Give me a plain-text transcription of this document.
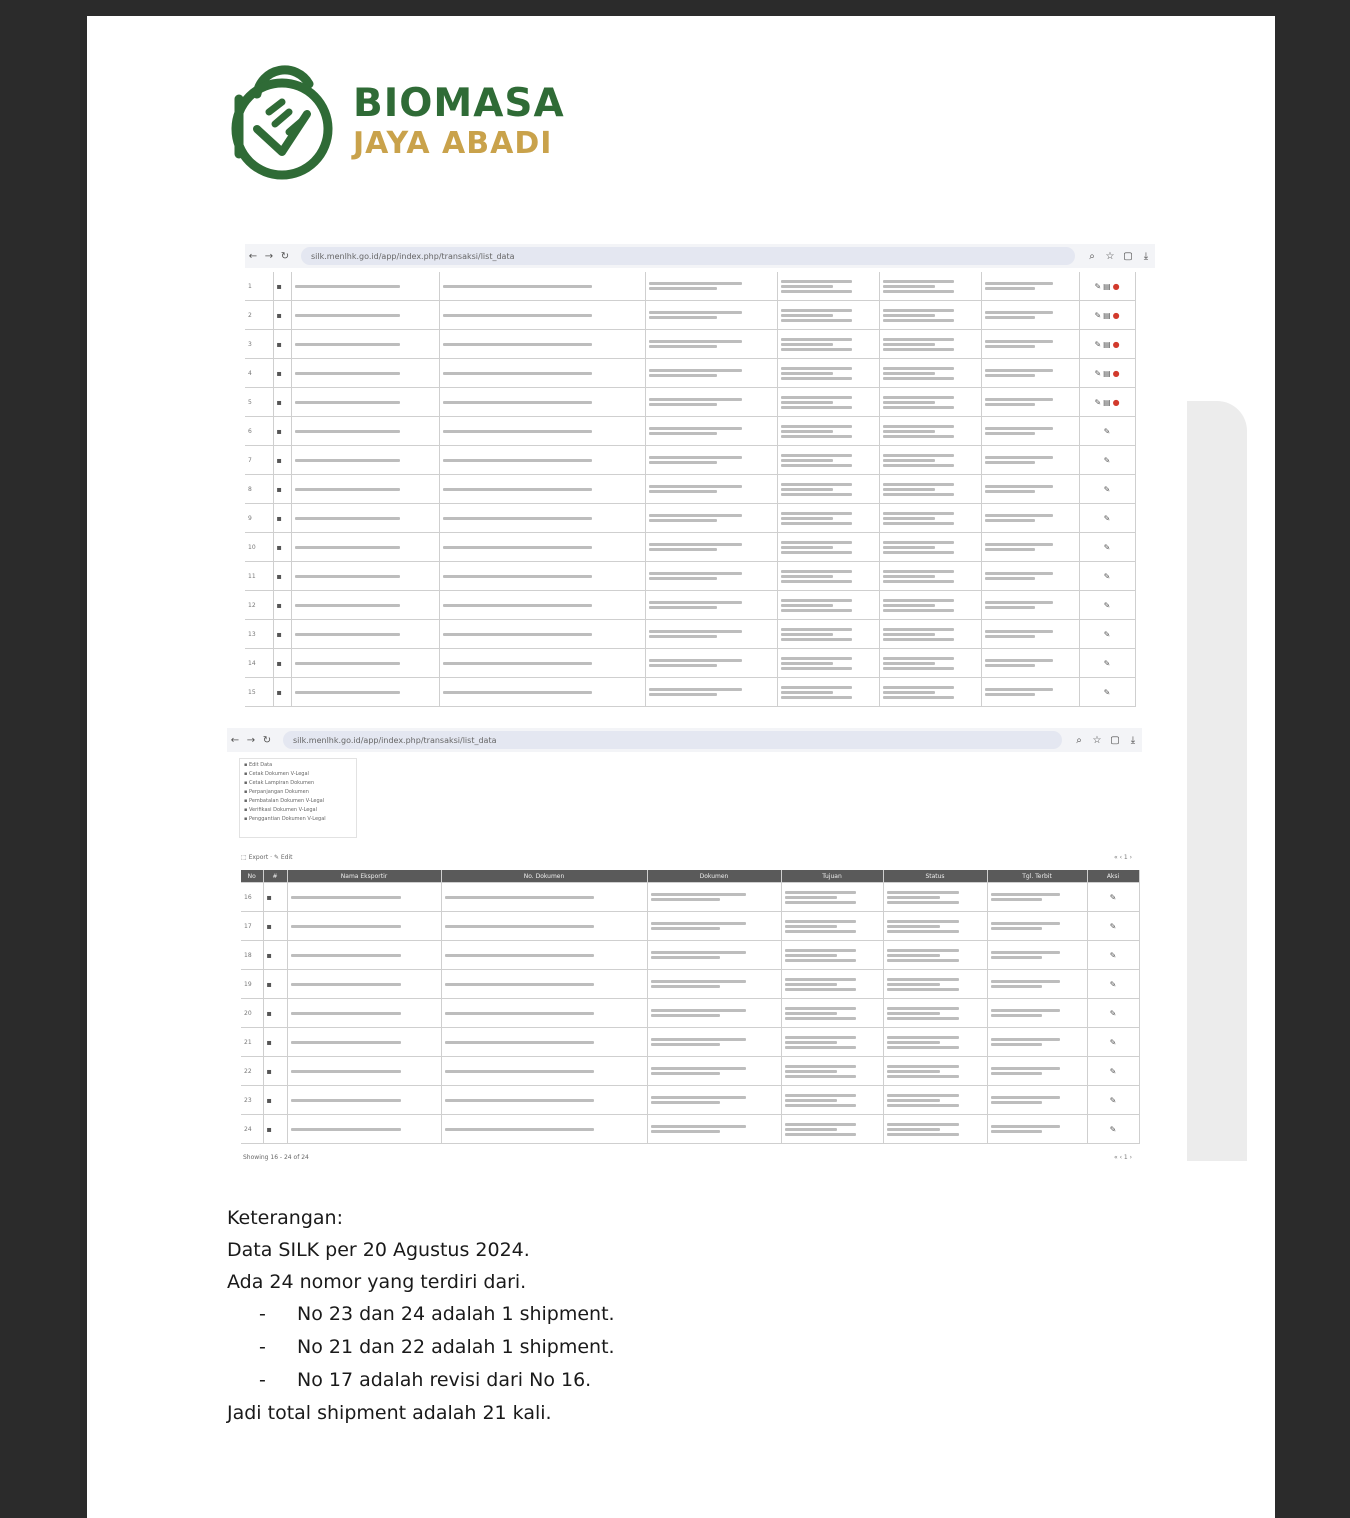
BIOMASA
JAYA ABADI
← → ↻	silk.menlhk.go.id/app/index.php/transaksi/list_data	⌕	☆ ▢	⤓
1	▪							✎ ▤ ●
2	▪							✎ ▤ ●
3	▪							✎ ▤ ●
4	▪							✎ ▤ ●
5	▪							✎ ▤ ●
6	▪							✎
7	▪							✎
8	▪							✎
9	▪							✎
10	▪							✎
11	▪							✎
12	▪							✎
13	▪							✎
14	▪							✎
15	▪							✎
← → ↻	silk.menlhk.go.id/app/index.php/transaksi/list_data	⌕	☆ ▢	⤓
▪ Edit Data
▪ Cetak Dokumen V-Legal
▪ Cetak Lampiran Dokumen
▪ Perpanjangan Dokumen
▪ Pembatalan Dokumen V-Legal
▪ Verifikasi Dokumen V-Legal
▪ Penggantian Dokumen V-Legal
⬚ Export · ✎ Edit	« ‹ 1 ›
No	#	Nama Eksportir	No. Dokumen	Dokumen	Tujuan	Status	Tgl. Terbit	Aksi
16	▪							✎
17	▪							✎
18	▪							✎
19	▪							✎
20	▪							✎
21	▪							✎
22	▪							✎
23	▪							✎
24	▪							✎
Showing 16 - 24 of 24	« ‹ 1 ›

Keterangan:

Data SILK per 20 Agustus 2024.

Ada 24 nomor yang terdiri dari.

- No 23 dan 24 adalah 1 shipment.
- No 21 dan 22 adalah 1 shipment.
- No 17 adalah revisi dari No 16.

Jadi total shipment adalah 21 kali.
